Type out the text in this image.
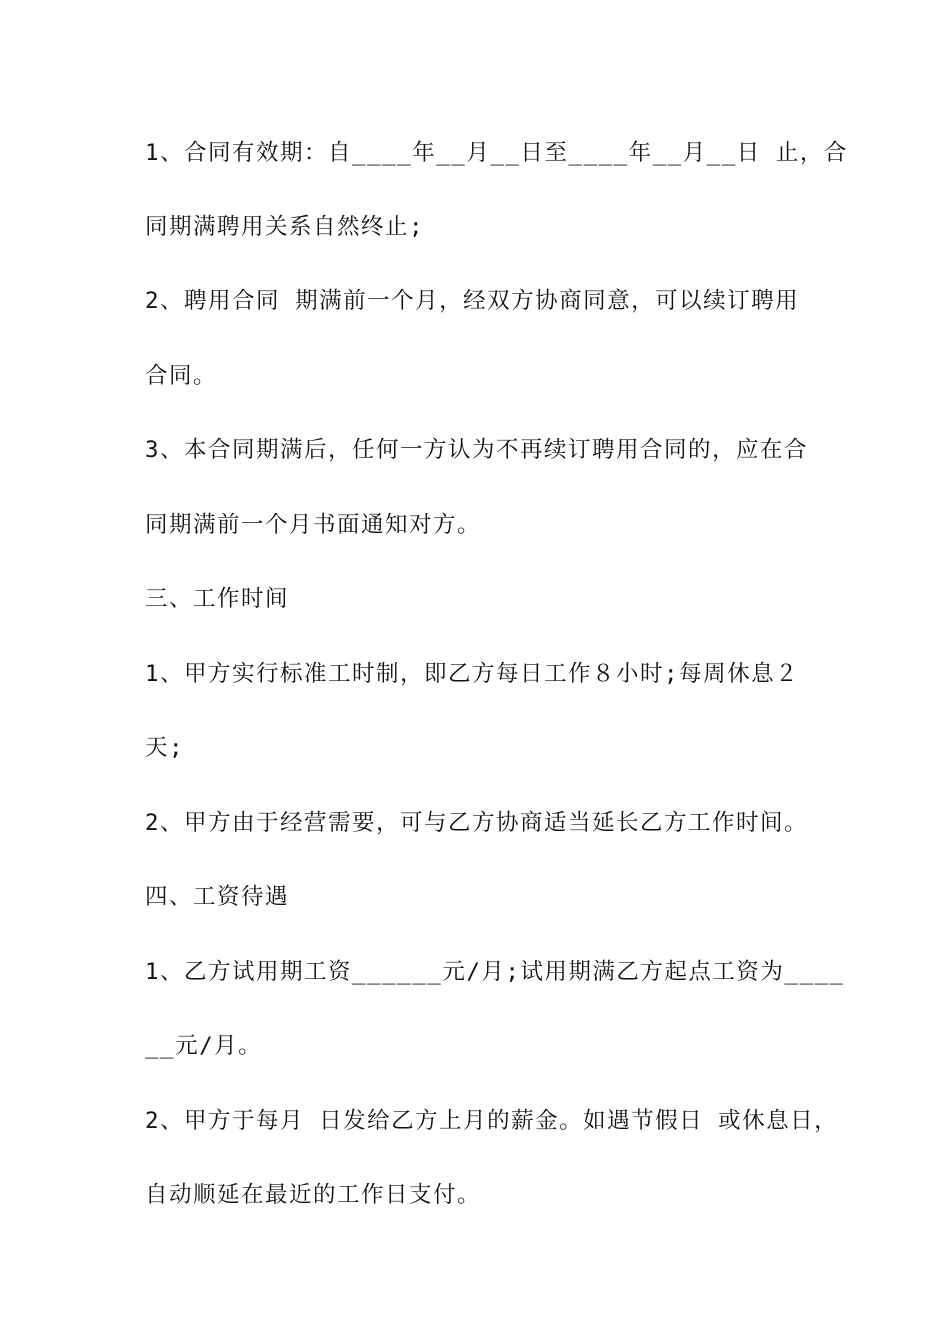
1、合同有效期：自____年__月__日至____年__月__日 止，合
同期满聘用关系自然终止;
2、聘用合同 期满前一个月，经双方协商同意，可以续订聘用
合同。
3、本合同期满后，任何一方认为不再续订聘用合同的，应在合
同期满前一个月书面通知对方。
三、工作时间
1、甲方实行标准工时制，即乙方每日工作８小时;每周休息２
天;
2、甲方由于经营需要，可与乙方协商适当延长乙方工作时间。
四、工资待遇
1、乙方试用期工资______元/月;试用期满乙方起点工资为____
__元/月。
2、甲方于每月 日发给乙方上月的薪金。如遇节假日 或休息日，
自动顺延在最近的工作日支付。
